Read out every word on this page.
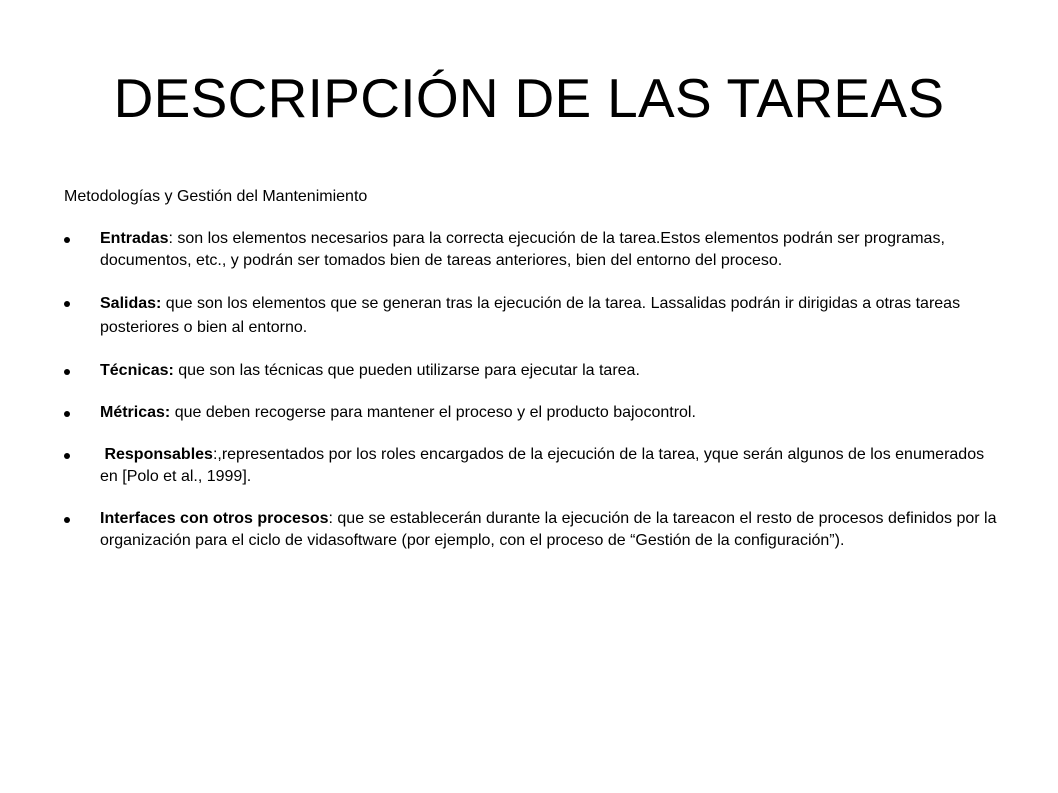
DESCRIPCIÓN DE LAS TAREAS

Metodologías y Gestión del Mantenimiento

Entradas: son los elementos necesarios para la correcta ejecución de la tarea.Estos elementos podrán ser programas, documentos, etc., y podrán ser tomados bien de tareas anteriores, bien del entorno del proceso.
Salidas: que son los elementos que se generan tras la ejecución de la tarea. Lassalidas podrán ir dirigidas a otras tareas posteriores o bien al entorno.
Técnicas: que son las técnicas que pueden utilizarse para ejecutar la tarea.
Métricas: que deben recogerse para mantener el proceso y el producto bajocontrol.
Responsables:,representados por los roles encargados de la ejecución de la tarea, yque serán algunos de los enumerados en [Polo et al., 1999].
Interfaces con otros procesos: que se establecerán durante la ejecución de la tareacon el resto de procesos definidos por la organización para el ciclo de vidasoftware (por ejemplo, con el proceso de “Gestión de la configuración”).
